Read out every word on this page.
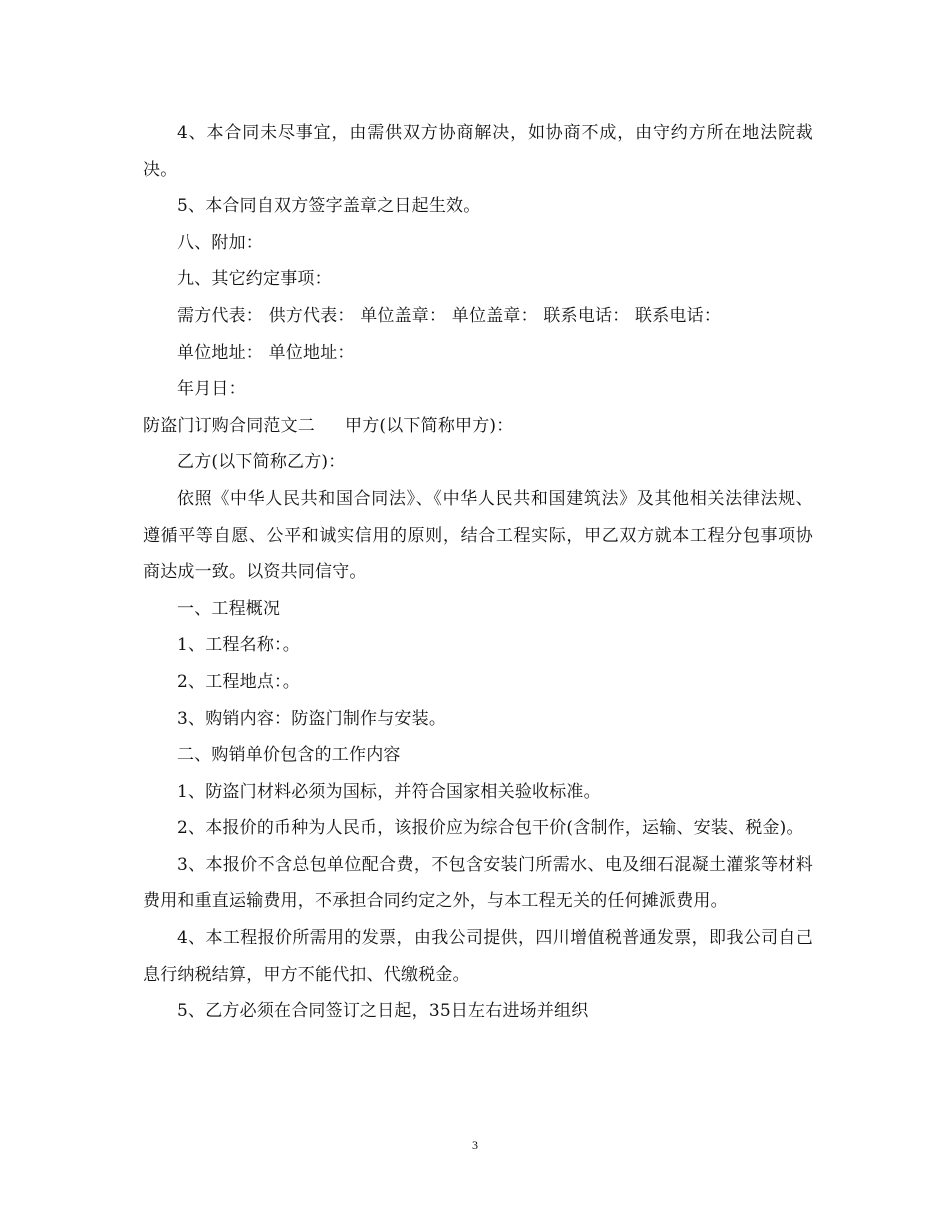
4、本合同未尽事宜，由需供双方协商解决，如协商不成，由守约方所在地法院裁决。

5、本合同自双方签字盖章之日起生效。

八、附加：

九、其它约定事项：

需方代表： 供方代表： 单位盖章： 单位盖章： 联系电话： 联系电话：

单位地址： 单位地址：

年月日：

防盗门订购合同范文二 甲方(以下简称甲方)：

乙方(以下简称乙方)：

依照《中华人民共和国合同法》、《中华人民共和国建筑法》及其他相关法律法规、遵循平等自愿、公平和诚实信用的原则，结合工程实际，甲乙双方就本工程分包事项协商达成一致。以资共同信守。

一、工程概况

1、工程名称：。

2、工程地点：。

3、购销内容：防盗门制作与安装。

二、购销单价包含的工作内容

1、防盗门材料必须为国标，并符合国家相关验收标准。

2、本报价的币种为人民币，该报价应为综合包干价(含制作，运输、安装、税金)。

3、本报价不含总包单位配合费，不包含安装门所需水、电及细石混凝土灌浆等材料费用和重直运输费用，不承担合同约定之外，与本工程无关的任何摊派费用。

4、本工程报价所需用的发票，由我公司提供，四川增值税普通发票，即我公司自己息行纳税结算，甲方不能代扣、代缴税金。

5、乙方必须在合同签订之日起，35日左右进场并组织

3
